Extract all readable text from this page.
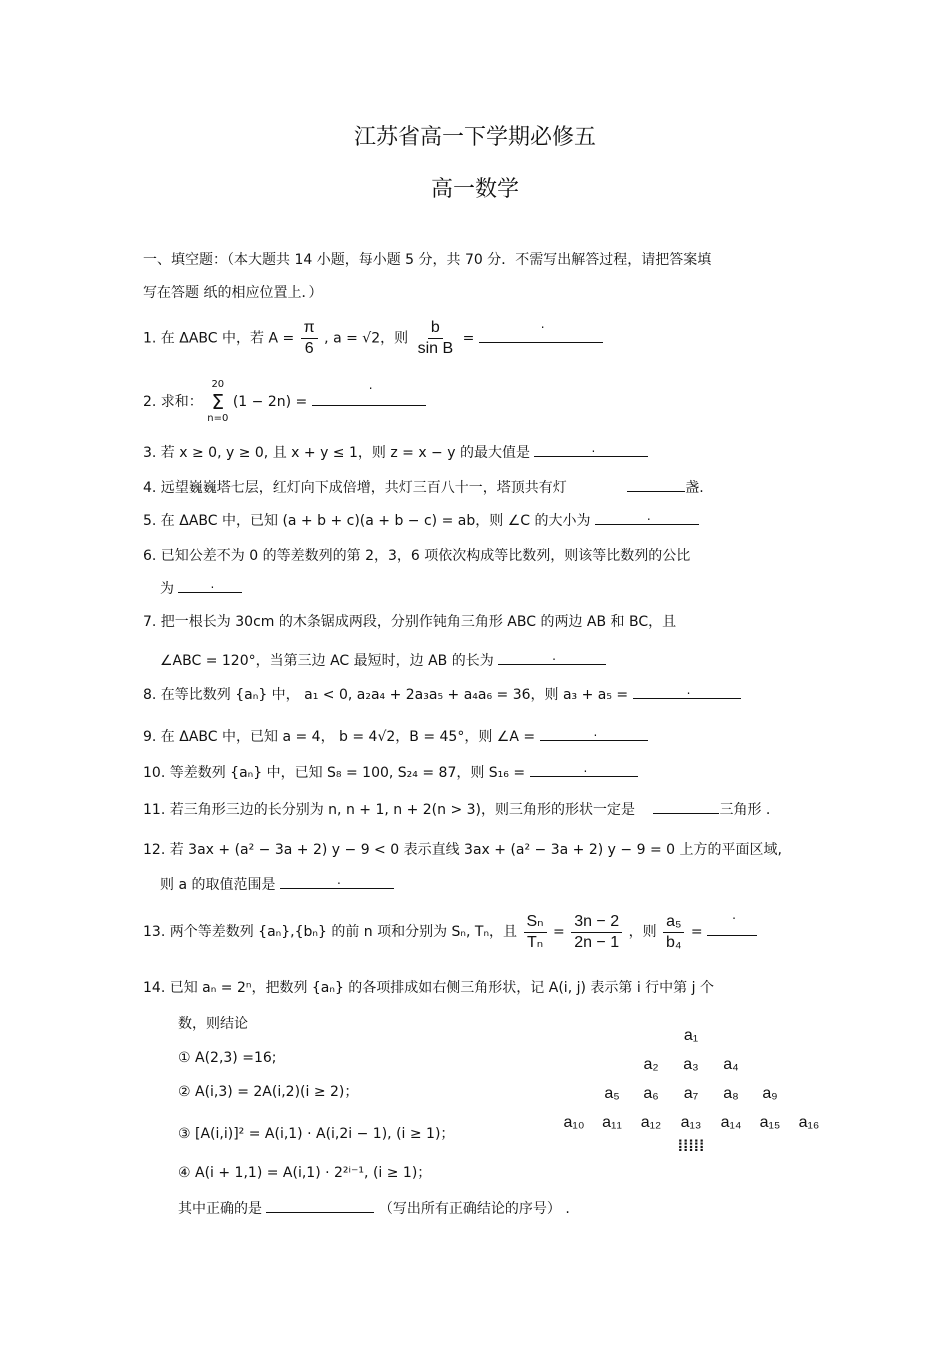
江苏省高一下学期必修五
高一数学
一、填空题：（本大题共 14 小题，每小题 5 分，共 70 分．不需写出解答过程，请把答案填
写在答题 纸的相应位置上．）
1. 在 ΔABC 中，若 $A = \frac{\pi}{6}$ , a = √2，则 $\frac{b}{\text{sin B}}$ =
.
2. 求和：
20
Σ
n=0
(1 − 2n) =
.
3. 若 x ≥ 0, y ≥ 0, 且 x + y ≤ 1，则 z = x − y 的最大值是	.
4. 远望巍巍塔七层，红灯向下成倍增，共灯三百八十一，塔顶共有灯	盏.
5. 在 ΔABC 中，已知 (a + b + c)(a + b − c) = ab，则 ∠C 的大小为	.
6. 已知公差不为 0 的等差数列的第 2，3，6 项依次构成等比数列，则该等比数列的公比
为	.
7. 把一根长为 30cm 的木条锯成两段，分别作钝角三角形 ABC 的两边 AB 和 BC，且
∠ABC = 120°，当第三边 AC 最短时，边 AB 的长为	.
8. 在等比数列 {aₙ} 中， a₁ < 0, a₂a₄ + 2a₃a₅ + a₄a₆ = 36，则 a₃ + a₅ =	.
9. 在 ΔABC 中，已知 a = 4， b = 4√2，B = 45°，则 ∠A =	.
10. 等差数列 {aₙ} 中，已知 S₈ = 100, S₂₄ = 87，则 S₁₆ =	.
11. 若三角形三边的长分别为 n, n + 1, n + 2(n > 3)，则三角形的形状一定是	三角形 .
12. 若 3ax + (a² − 3a + 2) y − 9 < 0 表示直线 3ax + (a² − 3a + 2) y − 9 = 0 上方的平面区域,
则 a 的取值范围是	.
13. 两个等差数列 {aₙ},{bₙ} 的前 n 项和分别为 Sₙ, Tₙ，且 $\frac{\text{Sₙ}}{\text{Tₙ}} = \frac{3n - 2}{2n - 1}$ ，则 $\frac{\text{a₅}}{\text{b₄}}$ =
.
14. 已知 aₙ = 2ⁿ，把数列 {aₙ} 的各项排成如右侧三角形状，记 A(i, j) 表示第 i 行中第 j 个
数，则结论
① A(2,3) =16;
② A(i,3) = 2A(i,2)(i ≥ 2)；
③ [A(i,i)]² = A(i,1) · A(i,2i − 1), (i ≥ 1)；
④ A(i + 1,1) = A(i,1) · 2²ⁱ⁻¹, (i ≥ 1)；
其中正确的是	（写出所有正确结论的序号） .
a₁
a₂	a₃	a₄
a₅	a₆	a₇	a₈	a₉
a₁₀	a₁₁	a₁₂ a₁₃ a₁₄ a₁₅ a₁₆
⁞⁞⁞⁞⁞
